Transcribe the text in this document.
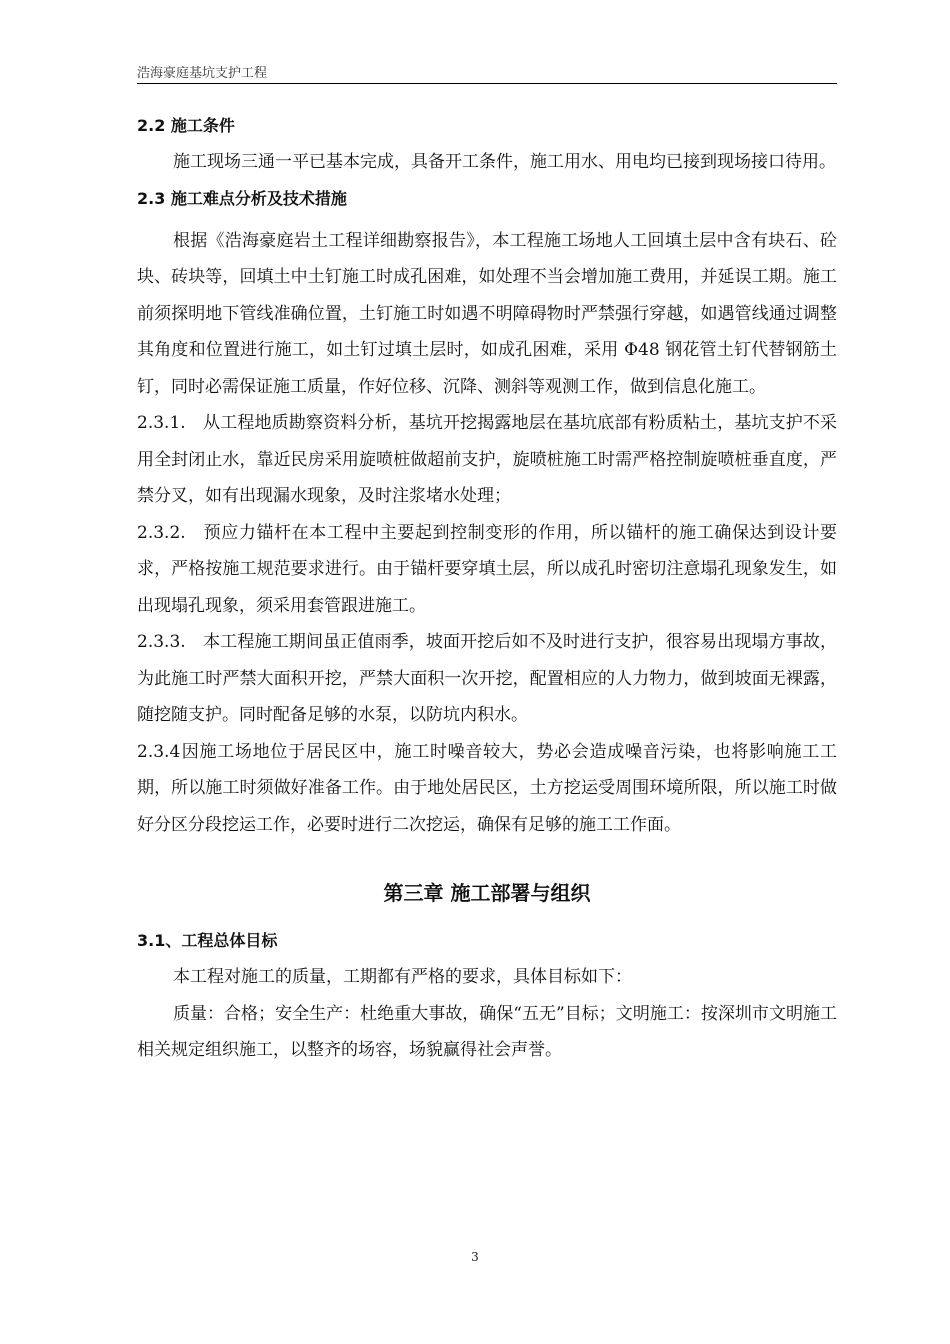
浩海豪庭基坑支护工程
2.2 施工条件

施工现场三通一平已基本完成，具备开工条件，施工用水、用电均已接到现场接口待用。

2.3 施工难点分析及技术措施

根据《浩海豪庭岩土工程详细勘察报告》，本工程施工场地人工回填土层中含有块石、砼块、砖块等，回填土中土钉施工时成孔困难，如处理不当会增加施工费用，并延误工期。施工前须探明地下管线准确位置，土钉施工时如遇不明障碍物时严禁强行穿越，如遇管线通过调整其角度和位置进行施工，如土钉过填土层时，如成孔困难，采用 Φ48 钢花管土钉代替钢筋土钉，同时必需保证施工质量，作好位移、沉降、测斜等观测工作，做到信息化施工。

2.3.1. 从工程地质勘察资料分析，基坑开挖揭露地层在基坑底部有粉质粘土，基坑支护不采用全封闭止水，靠近民房采用旋喷桩做超前支护，旋喷桩施工时需严格控制旋喷桩垂直度，严禁分叉，如有出现漏水现象，及时注浆堵水处理；

2.3.2. 预应力锚杆在本工程中主要起到控制变形的作用，所以锚杆的施工确保达到设计要求，严格按施工规范要求进行。由于锚杆要穿填土层，所以成孔时密切注意塌孔现象发生，如出现塌孔现象，须采用套管跟进施工。

2.3.3. 本工程施工期间虽正值雨季，坡面开挖后如不及时进行支护，很容易出现塌方事故，为此施工时严禁大面积开挖，严禁大面积一次开挖，配置相应的人力物力，做到坡面无裸露，随挖随支护。同时配备足够的水泵，以防坑内积水。

2.3.4因施工场地位于居民区中，施工时噪音较大，势必会造成噪音污染，也将影响施工工期，所以施工时须做好准备工作。由于地处居民区，土方挖运受周围环境所限，所以施工时做好分区分段挖运工作，必要时进行二次挖运，确保有足够的施工工作面。

第三章 施工部署与组织
3.1、工程总体目标

本工程对施工的质量，工期都有严格的要求，具体目标如下：

质量：合格；安全生产：杜绝重大事故，确保“五无”目标；文明施工：按深圳市文明施工相关规定组织施工，以整齐的场容，场貌赢得社会声誉。

3
